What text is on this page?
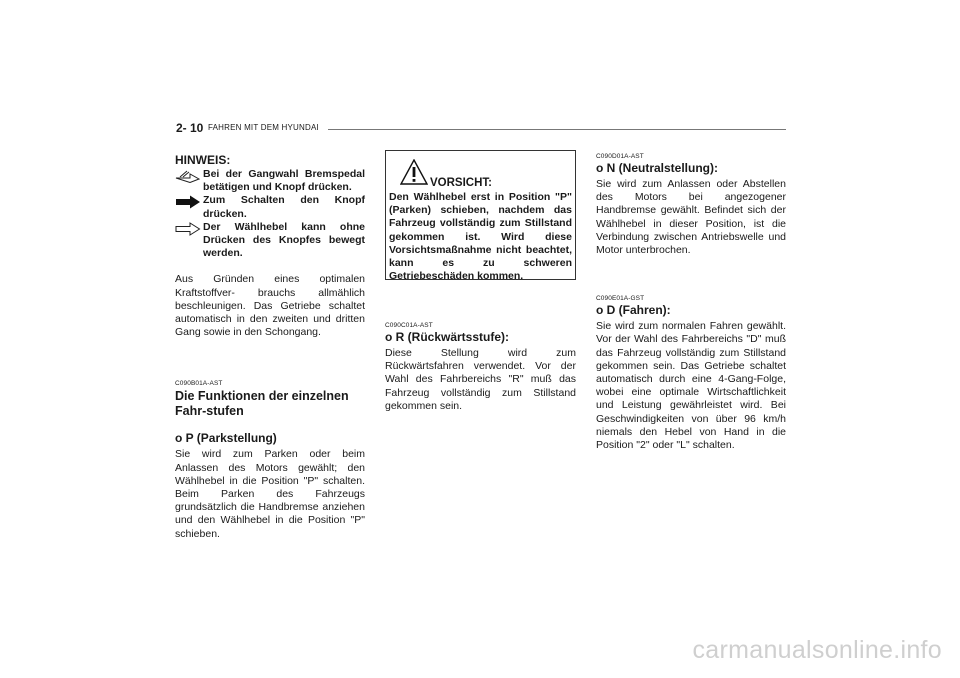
2- 10 FAHREN MIT DEM HYUNDAI
HINWEIS:

Bei der Gangwahl Bremspedal betätigen und Knopf drücken.

Zum Schalten den Knopf drücken.

Der Wählhebel kann ohne Drücken des Knopfes bewegt werden.

Aus Gründen eines optimalen Kraftstoffver- brauchs allmählich beschleunigen. Das Getriebe schaltet automatisch in den zweiten und dritten Gang sowie in den Schongang.

C090B01A-AST

Die Funktionen der einzelnen Fahr-stufen

o P (Parkstellung)

Sie wird zum Parken oder beim Anlassen des Motors gewählt; den Wählhebel in die Position "P" schalten. Beim Parken des Fahrzeugs grundsätzlich die Handbremse anziehen und den Wählhebel in die Position "P" schieben.

VORSICHT:

Den Wählhebel erst in Position "P" (Parken) schieben, nachdem das Fahrzeug vollständig zum Stillstand gekommen ist. Wird diese Vorsichtsmaßnahme nicht beachtet, kann es zu schweren Getriebeschäden kommen.

C090C01A-AST

o R (Rückwärtsstufe):

Diese Stellung wird zum Rückwärtsfahren verwendet. Vor der Wahl des Fahrbereichs "R" muß das Fahrzeug vollständig zum Stillstand gekommen sein.

C090D01A-AST

o N (Neutralstellung):

Sie wird zum Anlassen oder Abstellen des Motors bei angezogener Handbremse gewählt. Befindet sich der Wählhebel in dieser Position, ist die Verbindung zwischen Antriebswelle und Motor unterbrochen.

C090E01A-GST

o D (Fahren):

Sie wird zum normalen Fahren gewählt. Vor der Wahl des Fahrbereichs "D" muß das Fahrzeug vollständig zum Stillstand gekommen sein. Das Getriebe schaltet automatisch durch eine 4-Gang-Folge, wobei eine optimale Wirtschaftlichkeit und Leistung gewährleistet wird. Bei Geschwindigkeiten von über 96 km/h niemals den Hebel von Hand in die Position "2" oder "L" schalten.

carmanualsonline.info
